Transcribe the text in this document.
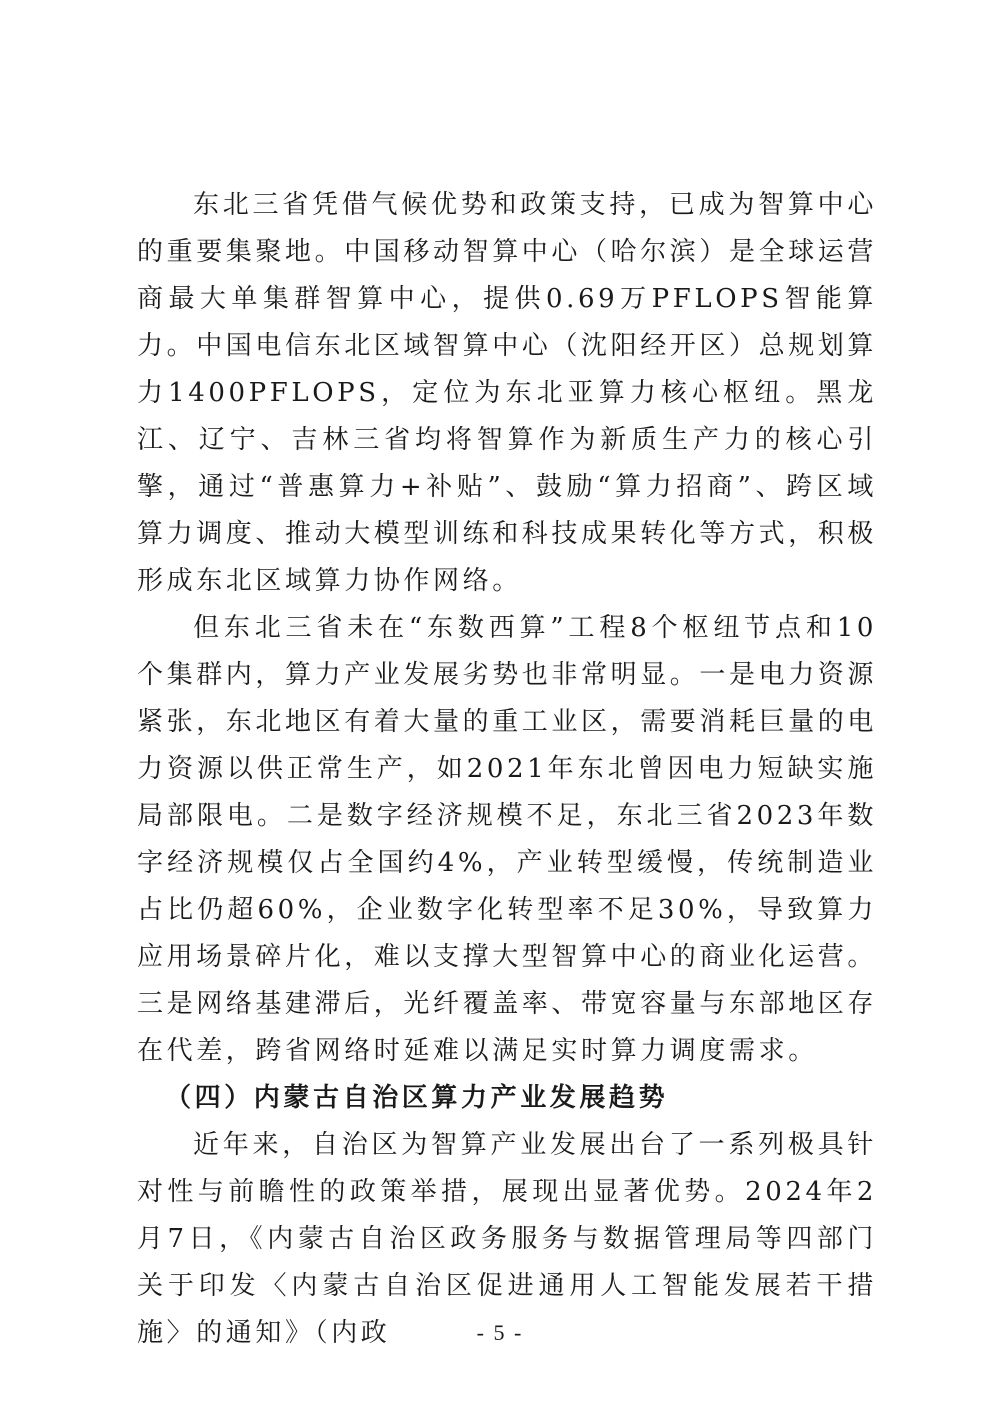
东北三省凭借气候优势和政策支持，已成为智算中心的重要集聚地。中国移动智算中心（哈尔滨）是全球运营商最大单集群智算中心，提供0.69万PFLOPS智能算力。中国电信东北区域智算中心（沈阳经开区）总规划算力1400PFLOPS，定位为东北亚算力核心枢纽。黑龙江、辽宁、吉林三省均将智算作为新质生产力的核心引擎，通过“普惠算力+补贴”、鼓励“算力招商”、跨区域算力调度、推动大模型训练和科技成果转化等方式，积极形成东北区域算力协作网络。

但东北三省未在“东数西算”工程8个枢纽节点和10个集群内，算力产业发展劣势也非常明显。一是电力资源紧张，东北地区有着大量的重工业区，需要消耗巨量的电力资源以供正常生产，如2021年东北曾因电力短缺实施局部限电。二是数字经济规模不足，东北三省2023年数字经济规模仅占全国约4%，产业转型缓慢，传统制造业占比仍超60%，企业数字化转型率不足30%，导致算力应用场景碎片化，难以支撑大型智算中心的商业化运营。三是网络基建滞后，光纤覆盖率、带宽容量与东部地区存在代差，跨省网络时延难以满足实时算力调度需求。

（四）内蒙古自治区算力产业发展趋势

近年来，自治区为智算产业发展出台了一系列极具针对性与前瞻性的政策举措，展现出显著优势。2024年2月7日，《内蒙古自治区政务服务与数据管理局等四部门关于印发〈内蒙古自治区促进通用人工智能发展若干措施〉的通知》（内政	- 5 -
